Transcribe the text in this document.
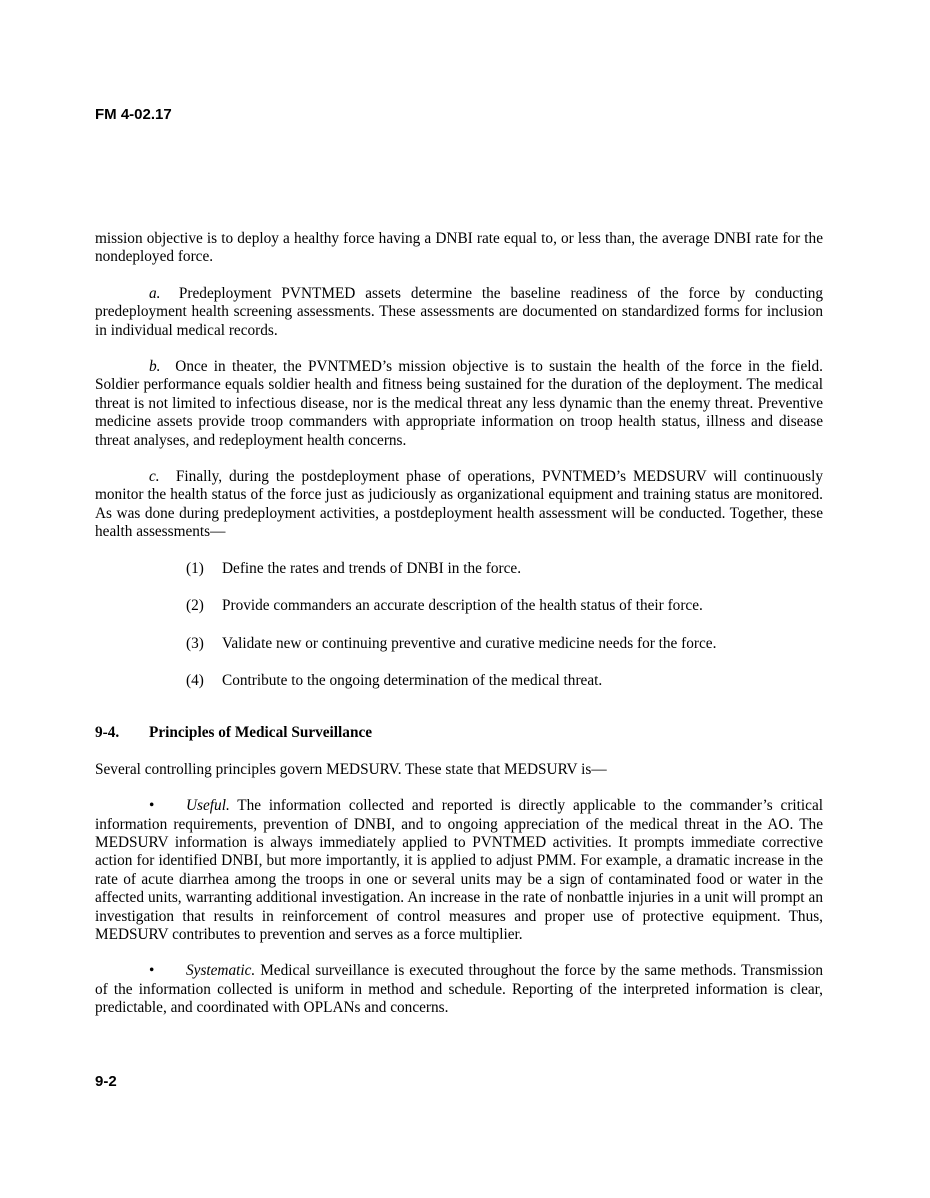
FM 4-02.17

mission objective is to deploy a healthy force having a DNBI rate equal to, or less than, the average DNBI rate for the nondeployed force.

a. Predeployment PVNTMED assets determine the baseline readiness of the force by conducting predeployment health screening assessments. These assessments are documented on standardized forms for inclusion in individual medical records.

b. Once in theater, the PVNTMED’s mission objective is to sustain the health of the force in the field. Soldier performance equals soldier health and fitness being sustained for the duration of the deployment. The medical threat is not limited to infectious disease, nor is the medical threat any less dynamic than the enemy threat. Preventive medicine assets provide troop commanders with appropriate information on troop health status, illness and disease threat analyses, and redeployment health concerns.

c. Finally, during the postdeployment phase of operations, PVNTMED’s MEDSURV will continuously monitor the health status of the force just as judiciously as organizational equipment and training status are monitored. As was done during predeployment activities, a postdeployment health assessment will be conducted. Together, these health assessments—

(1) Define the rates and trends of DNBI in the force.
(2) Provide commanders an accurate description of the health status of their force.
(3) Validate new or continuing preventive and curative medicine needs for the force.
(4) Contribute to the ongoing determination of the medical threat.
9-4. Principles of Medical Surveillance

Several controlling principles govern MEDSURV. These state that MEDSURV is—

• Useful. The information collected and reported is directly applicable to the commander’s critical information requirements, prevention of DNBI, and to ongoing appreciation of the medical threat in the AO. The MEDSURV information is always immediately applied to PVNTMED activities. It prompts immediate corrective action for identified DNBI, but more importantly, it is applied to adjust PMM. For example, a dramatic increase in the rate of acute diarrhea among the troops in one or several units may be a sign of contaminated food or water in the affected units, warranting additional investigation. An increase in the rate of nonbattle injuries in a unit will prompt an investigation that results in reinforcement of control measures and proper use of protective equipment. Thus, MEDSURV contributes to prevention and serves as a force multiplier.

• Systematic. Medical surveillance is executed throughout the force by the same methods. Transmission of the information collected is uniform in method and schedule. Reporting of the interpreted information is clear, predictable, and coordinated with OPLANs and concerns.

9-2
